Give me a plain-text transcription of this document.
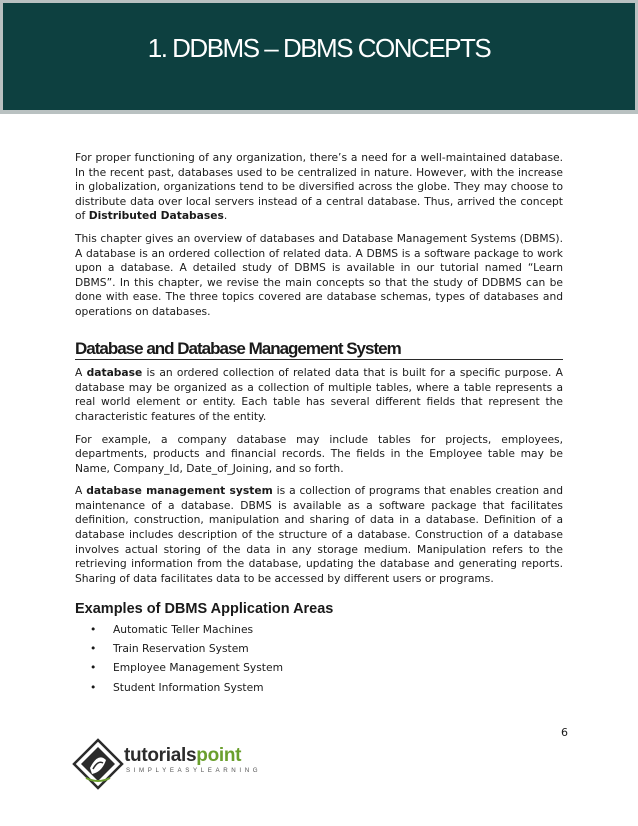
1. DDBMS – DBMS CONCEPTS

For proper functioning of any organization, there’s a need for a well-maintained database. In the recent past, databases used to be centralized in nature. However, with the increase in globalization, organizations tend to be diversified across the globe. They may choose to distribute data over local servers instead of a central database. Thus, arrived the concept of Distributed Databases.

This chapter gives an overview of databases and Database Management Systems (DBMS). A database is an ordered collection of related data. A DBMS is a software package to work upon a database. A detailed study of DBMS is available in our tutorial named “Learn DBMS”. In this chapter, we revise the main concepts so that the study of DDBMS can be done with ease. The three topics covered are database schemas, types of databases and operations on databases.

Database and Database Management System

A database is an ordered collection of related data that is built for a specific purpose. A database may be organized as a collection of multiple tables, where a table represents a real world element or entity. Each table has several different fields that represent the characteristic features of the entity.

For example, a company database may include tables for projects, employees, departments, products and financial records. The fields in the Employee table may be Name, Company_Id, Date_of_Joining, and so forth.

A database management system is a collection of programs that enables creation and maintenance of a database. DBMS is available as a software package that facilitates definition, construction, manipulation and sharing of data in a database. Definition of a database includes description of the structure of a database. Construction of a database involves actual storing of the data in any storage medium. Manipulation refers to the retrieving information from the database, updating the database and generating reports. Sharing of data facilitates data to be accessed by different users or programs.

Examples of DBMS Application Areas
• Automatic Teller Machines
• Train Reservation System
• Employee Management System
• Student Information System
6
tutorialspoint
SIMPLYEASYLEARNING
